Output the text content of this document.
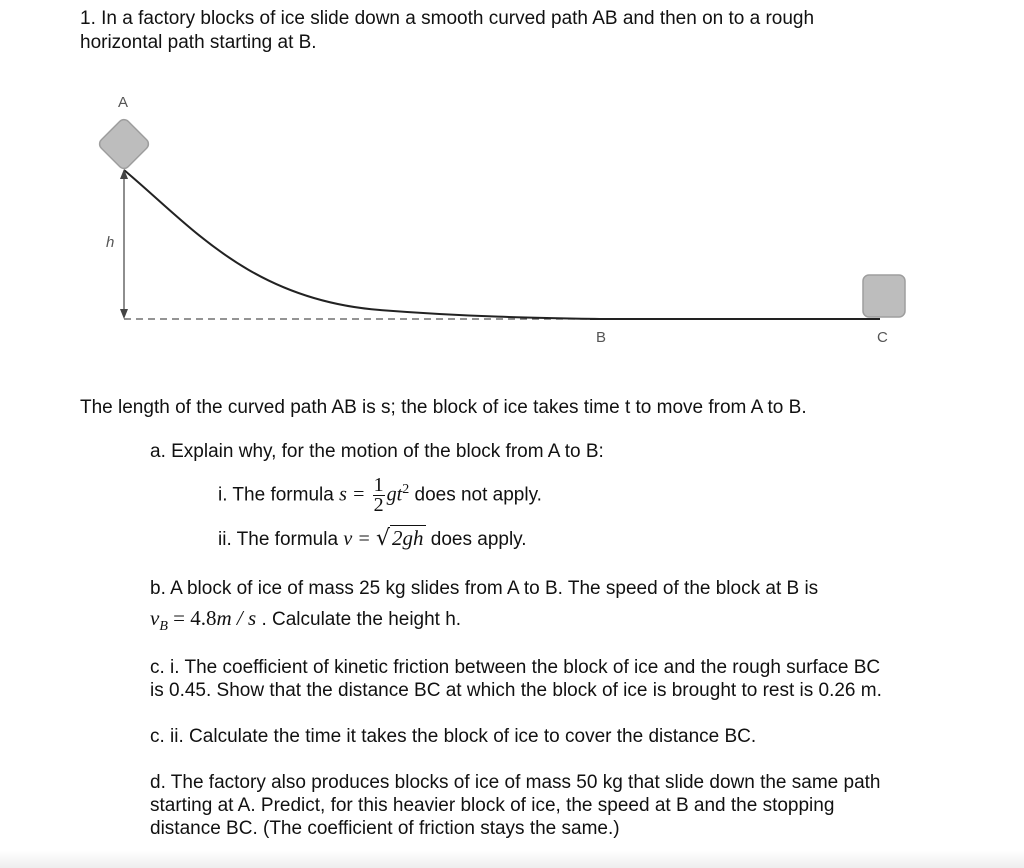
1. In a factory blocks of ice slide down a smooth curved path AB and then on to a rough
horizontal path starting at B.
A
h
B	C
The length of the curved path AB is s; the block of ice takes time t to move from A to B.
a. Explain why, for the motion of the block from A to B:
i. The formula $s = \frac{1}{2} gt^2$ does not apply.
ii. The formula v = √2gh does apply.
b. A block of ice of mass 25 kg slides from A to B. The speed of the block at B is
$v_B = 4.8m / s$ . Calculate the height h.
c. i. The coefficient of kinetic friction between the block of ice and the rough surface BC
is 0.45. Show that the distance BC at which the block of ice is brought to rest is 0.26 m.
c. ii. Calculate the time it takes the block of ice to cover the distance BC.
d. The factory also produces blocks of ice of mass 50 kg that slide down the same path
starting at A. Predict, for this heavier block of ice, the speed at B and the stopping
distance BC. (The coefficient of friction stays the same.)
